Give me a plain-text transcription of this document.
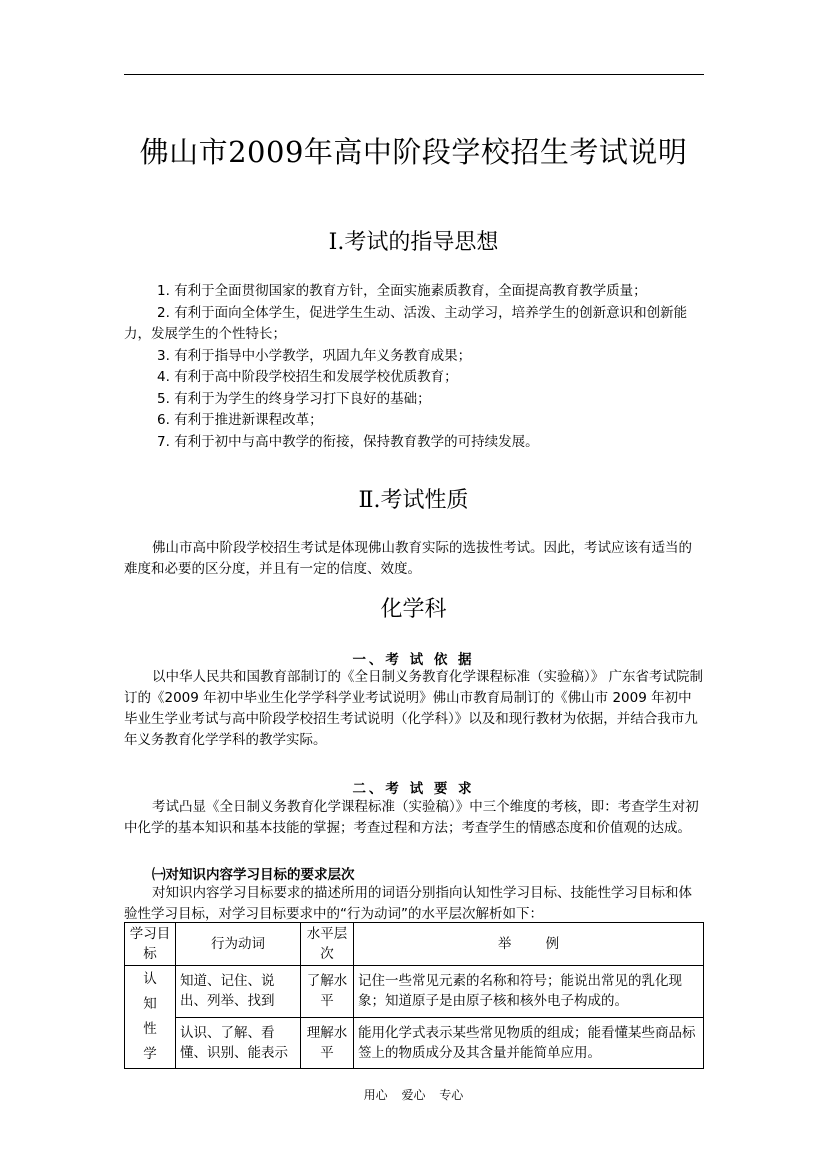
佛山市2009年高中阶段学校招生考试说明
Ⅰ.考试的指导思想
1. 有利于全面贯彻国家的教育方针，全面实施素质教育，全面提高教育教学质量；
2. 有利于面向全体学生，促进学生生动、活泼、主动学习，培养学生的创新意识和创新能力，发展学生的个性特长；
3. 有利于指导中小学教学，巩固九年义务教育成果；
4. 有利于高中阶段学校招生和发展学校优质教育；
5. 有利于为学生的终身学习打下良好的基础；
6. 有利于推进新课程改革；
7. 有利于初中与高中教学的衔接，保持教育教学的可持续发展。
Ⅱ.考试性质
佛山市高中阶段学校招生考试是体现佛山教育实际的选拔性考试。因此，考试应该有适当的难度和必要的区分度，并且有一定的信度、效度。
化学科
一、考 试 依 据
以中华人民共和国教育部制订的《全日制义务教育化学课程标准（实验稿）》 广东省考试院制订的《2009 年初中毕业生化学学科学业考试说明》佛山市教育局制订的《佛山市 2009 年初中毕业生学业考试与高中阶段学校招生考试说明（化学科）》以及和现行教材为依据，并结合我市九年义务教育化学学科的教学实际。
二、考 试 要 求
考试凸显《全日制义务教育化学课程标准（实验稿）》中三个维度的考核，即：考查学生对初中化学的基本知识和基本技能的掌握；考查过程和方法；考查学生的情感态度和价值观的达成。
㈠对知识内容学习目标的要求层次
对知识内容学习目标要求的描述所用的词语分别指向认知性学习目标、技能性学习目标和体验性学习目标，对学习目标要求中的“行为动词”的水平层次解析如下：
学习目标	行为动词	水平层次	举        例

认
知
性
学	知道、记住、说出、列举、找到	了解水平	记住一些常见元素的名称和符号；能说出常见的乳化现象；知道原子是由原子核和核外电子构成的。
	认识、了解、看懂、识别、能表示	理解水平	能用化学式表示某些常见物质的组成；能看懂某些商品标签上的物质成分及其含量并能简单应用。
用心 爱心 专心
